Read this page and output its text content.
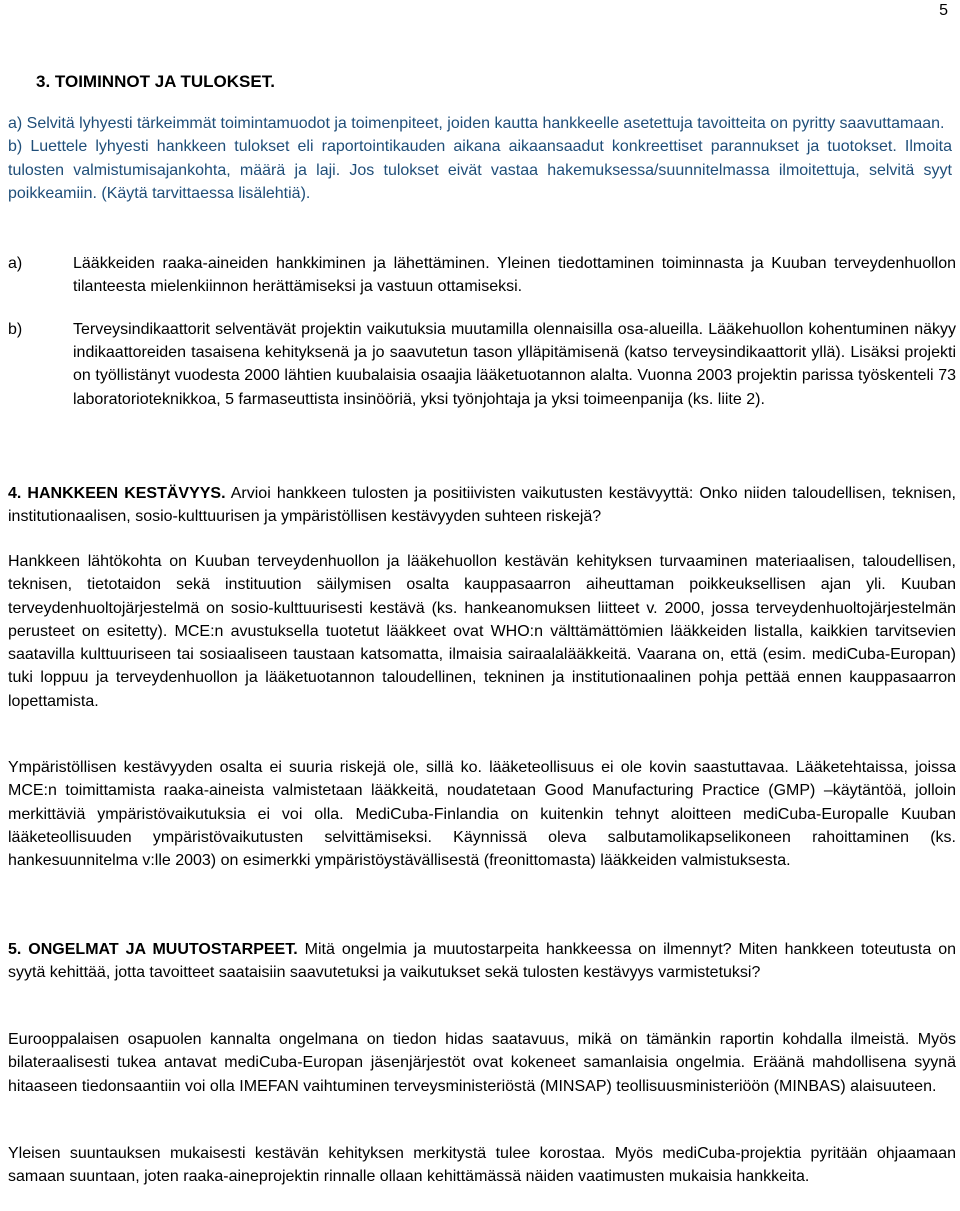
5
3. TOIMINNOT JA TULOKSET.

a) Selvitä lyhyesti tärkeimmät toimintamuodot ja toimenpiteet, joiden kautta hankkeelle asetettuja tavoitteita on pyritty saavuttamaan.

b) Luettele lyhyesti hankkeen tulokset eli raportointikauden aikana aikaansaadut konkreettiset parannukset ja tuotokset. Ilmoita tulosten valmistumisajankohta, määrä ja laji. Jos tulokset eivät vastaa hakemuksessa/suunnitelmassa ilmoitettuja, selvitä syyt poikkeamiin. (Käytä tarvittaessa lisälehtiä).

a)	Lääkkeiden raaka-aineiden hankkiminen ja lähettäminen. Yleinen tiedottaminen toiminnasta ja Kuuban terveydenhuollon tilanteesta mielenkiinnon herättämiseksi ja vastuun ottamiseksi.
b)	Terveysindikaattorit selventävät projektin vaikutuksia muutamilla olennaisilla osa-alueilla. Lääkehuollon kohentuminen näkyy indikaattoreiden tasaisena kehityksenä ja jo saavutetun tason ylläpitämisenä (katso terveysindikaattorit yllä). Lisäksi projekti on työllistänyt vuodesta 2000 lähtien kuubalaisia osaajia lääketuotannon alalta. Vuonna 2003 projektin parissa työskenteli 73 laboratorioteknikkoa, 5 farmaseuttista insinööriä, yksi työnjohtaja ja yksi toimeenpanija (ks. liite 2).
4. HANKKEEN KESTÄVYYS. Arvioi hankkeen tulosten ja positiivisten vaikutusten kestävyyttä: Onko niiden taloudellisen, teknisen, institutionaalisen, sosio-kulttuurisen ja ympäristöllisen kestävyyden suhteen riskejä?
Hankkeen lähtökohta on Kuuban terveydenhuollon ja lääkehuollon kestävän kehityksen turvaaminen materiaalisen, taloudellisen, teknisen, tietotaidon sekä instituution säilymisen osalta kauppasaarron aiheuttaman poikkeuksellisen ajan yli. Kuuban terveydenhuoltojärjestelmä on sosio-kulttuurisesti kestävä (ks. hankeanomuksen liitteet v. 2000, jossa terveydenhuoltojärjestelmän perusteet on esitetty). MCE:n avustuksella tuotetut lääkkeet ovat WHO:n välttämättömien lääkkeiden listalla, kaikkien tarvitsevien saatavilla kulttuuriseen tai sosiaaliseen taustaan katsomatta, ilmaisia sairaalalääkkeitä. Vaarana on, että (esim. mediCuba-Europan) tuki loppuu ja terveydenhuollon ja lääketuotannon taloudellinen, tekninen ja institutionaalinen pohja pettää ennen kauppasaarron lopettamista.
Ympäristöllisen kestävyyden osalta ei suuria riskejä ole, sillä ko. lääketeollisuus ei ole kovin saastuttavaa. Lääketehtaissa, joissa MCE:n toimittamista raaka-aineista valmistetaan lääkkeitä, noudatetaan Good Manufacturing Practice (GMP) –käytäntöä, jolloin merkittäviä ympäristövaikutuksia ei voi olla. MediCuba-Finlandia on kuitenkin tehnyt aloitteen mediCuba-Europalle Kuuban lääketeollisuuden ympäristövaikutusten selvittämiseksi. Käynnissä oleva salbutamolikapselikoneen rahoittaminen (ks. hankesuunnitelma v:lle 2003) on esimerkki ympäristöystävällisestä (freonittomasta) lääkkeiden valmistuksesta.
5. ONGELMAT JA MUUTOSTARPEET. Mitä ongelmia ja muutostarpeita hankkeessa on ilmennyt? Miten hankkeen toteutusta on syytä kehittää, jotta tavoitteet saataisiin saavutetuksi ja vaikutukset sekä tulosten kestävyys varmistetuksi?
Eurooppalaisen osapuolen kannalta ongelmana on tiedon hidas saatavuus, mikä on tämänkin raportin kohdalla ilmeistä. Myös bilateraalisesti tukea antavat mediCuba-Europan jäsenjärjestöt ovat kokeneet samanlaisia ongelmia. Eräänä mahdollisena syynä hitaaseen tiedonsaantiin voi olla IMEFAN vaihtuminen terveysministeriöstä (MINSAP) teollisuusministeriöön (MINBAS) alaisuuteen.
Yleisen suuntauksen mukaisesti kestävän kehityksen merkitystä tulee korostaa. Myös mediCuba-projektia pyritään ohjaamaan samaan suuntaan, joten raaka-aineprojektin rinnalle ollaan kehittämässä näiden vaatimusten mukaisia hankkeita.
